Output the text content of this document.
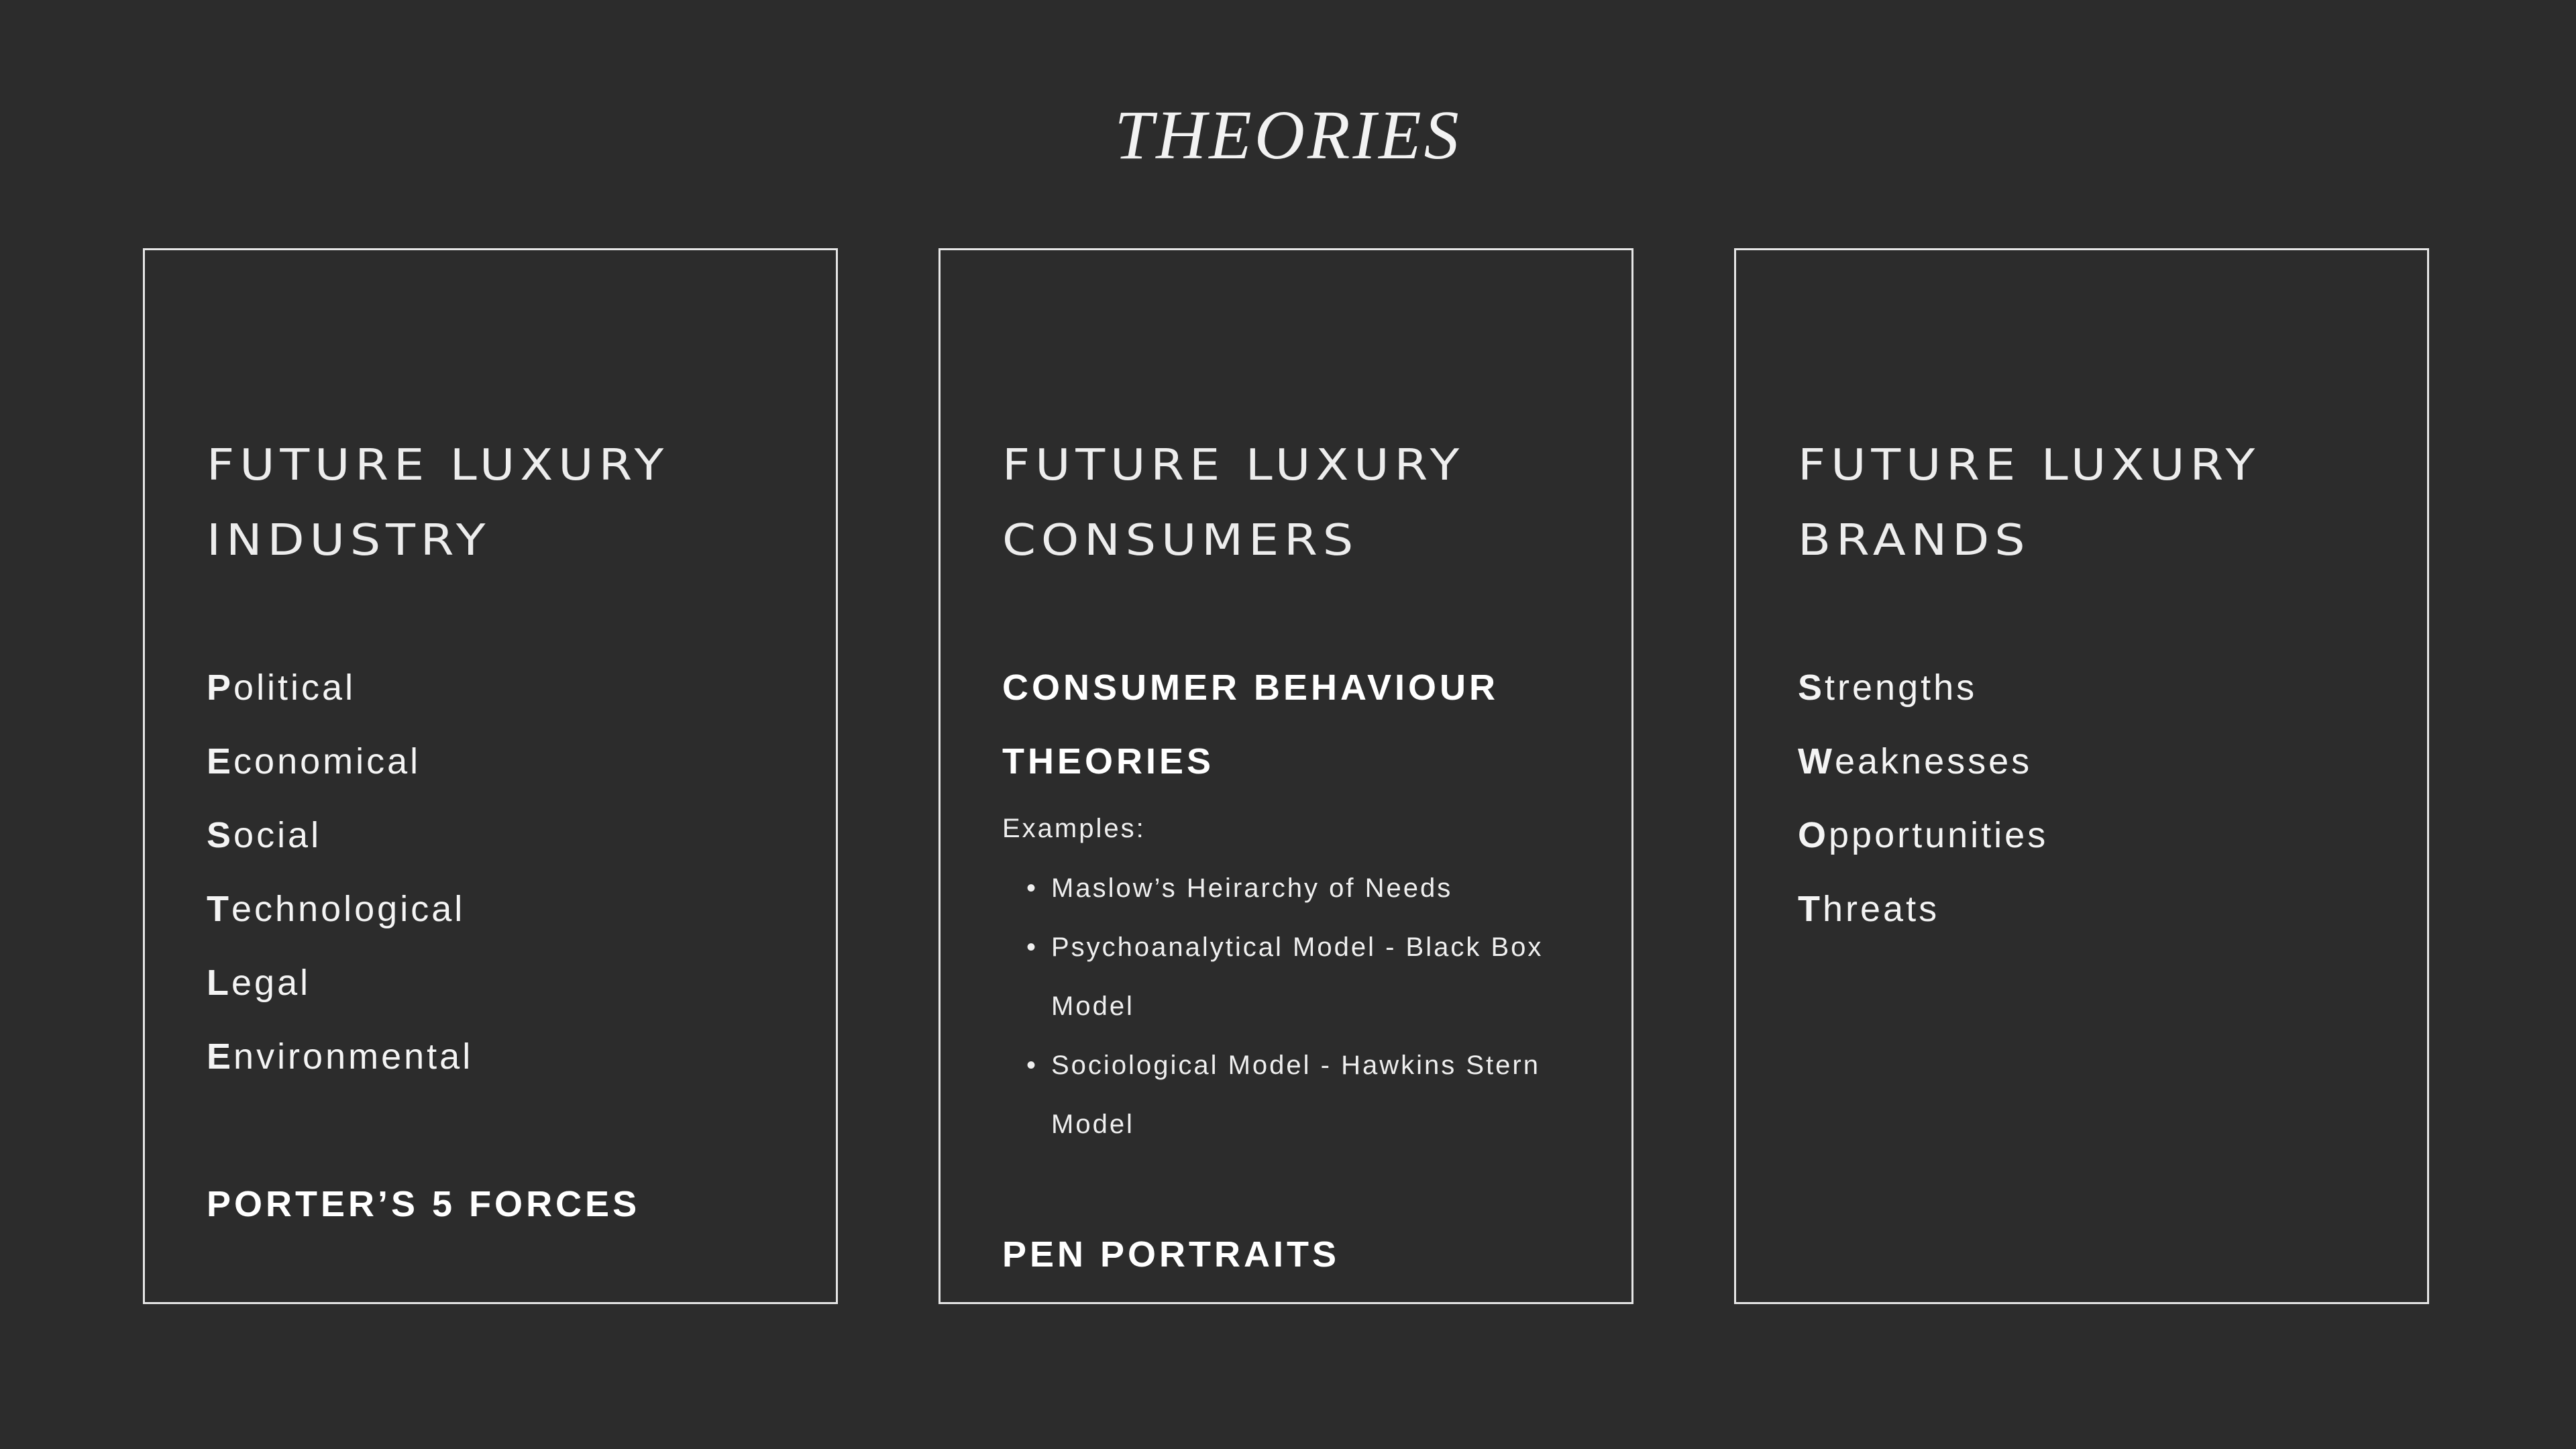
THEORIES
FUTURE LUXURY
INDUSTRY
Political
Economical
Social
Technological
Legal
Environmental
PORTER’S 5 FORCES
FUTURE LUXURY
CONSUMERS
CONSUMER BEHAVIOUR
THEORIES
Examples:
• Maslow’s Heirarchy of Needs
• Psychoanalytical Model - Black Box Model
• Sociological Model - Hawkins Stern Model
PEN PORTRAITS
FUTURE LUXURY
BRANDS
Strengths
Weaknesses
Opportunities
Threats
